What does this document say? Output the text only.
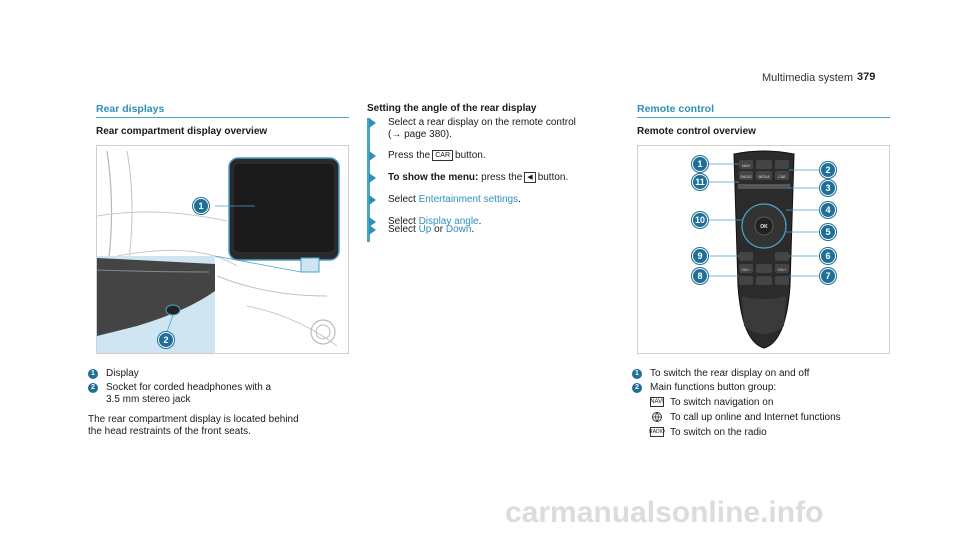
Multimedia system 379
Rear displays
Rear compartment display overview
1
2
1	Display
2	Socket for corded headphones with a
3.5 mm stereo jack
The rear compartment display is located behind
the head restraints of the front seats.
Setting the angle of the rear display
Select a rear display on the remote control
(→ page 380).
Press the CAR button.
To show the menu: press the ◀ button.
Select Entertainment settings.
Select Display angle.
Select Up or Down.
Remote control
Remote control overview
RADIO MEDIA	CAR
NAVI
OK
VOL−	VOL+
1
11
10
9
8
2
3
4
5
6
7
1	To switch the rear display on and off
2	Main functions button group:
NAVI To switch navigation on
To call up online and Internet functions
RADIO To switch on the radio
carmanualsonline.info
